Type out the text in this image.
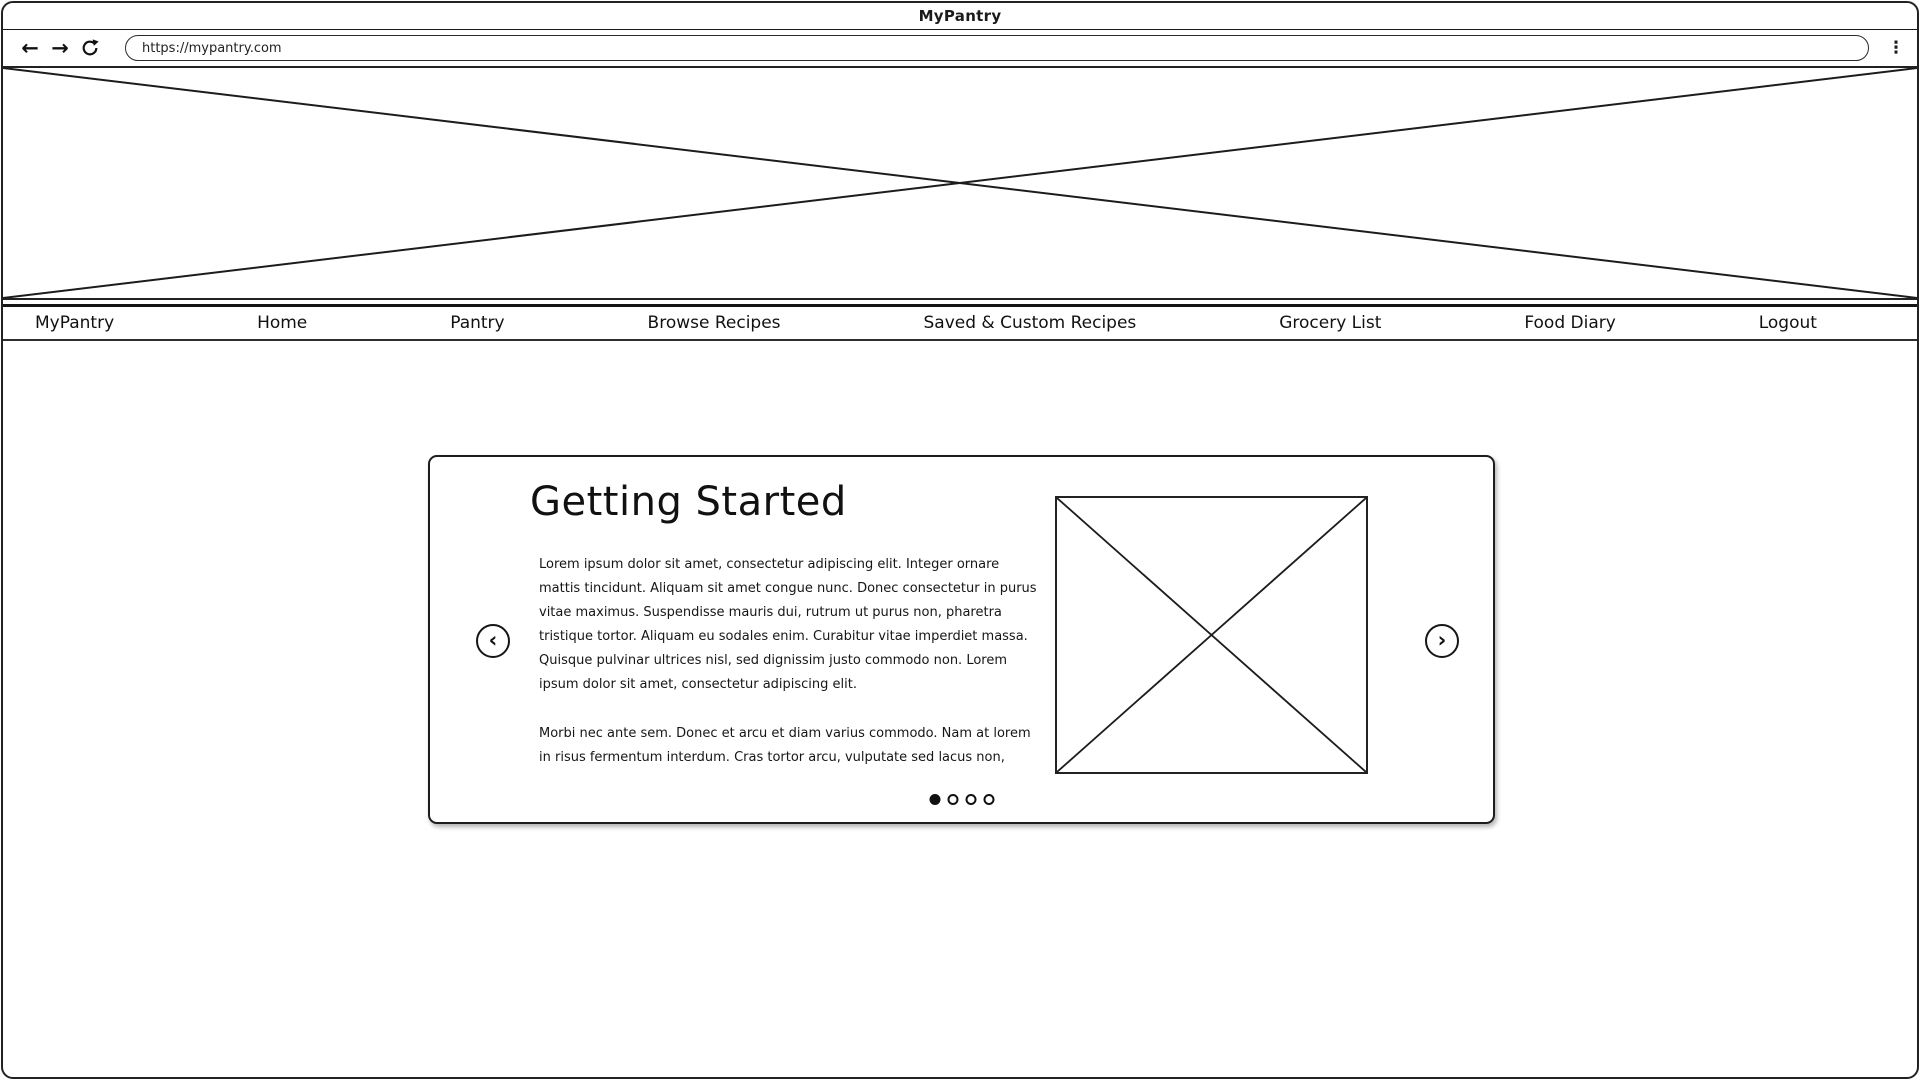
MyPantry
← →	https://mypantry.com	⋮
MyPantry	Home	Pantry	Browse Recipes	Saved & Custom Recipes	Grocery List	Food Diary	Logout
Getting Started

Lorem ipsum dolor sit amet, consectetur adipiscing elit. Integer ornare mattis tincidunt. Aliquam sit amet congue nunc. Donec consectetur in purus vitae maximus. Suspendisse mauris dui, rutrum ut purus non, pharetra tristique tortor. Aliquam eu sodales enim. Curabitur vitae imperdiet massa. Quisque pulvinar ultrices nisl, sed dignissim justo commodo non. Lorem ipsum dolor sit amet, consectetur adipiscing elit.

Morbi nec ante sem. Donec et arcu et diam varius commodo. Nam at lorem in risus fermentum interdum. Cras tortor arcu, vulputate sed lacus non,

‹	›
